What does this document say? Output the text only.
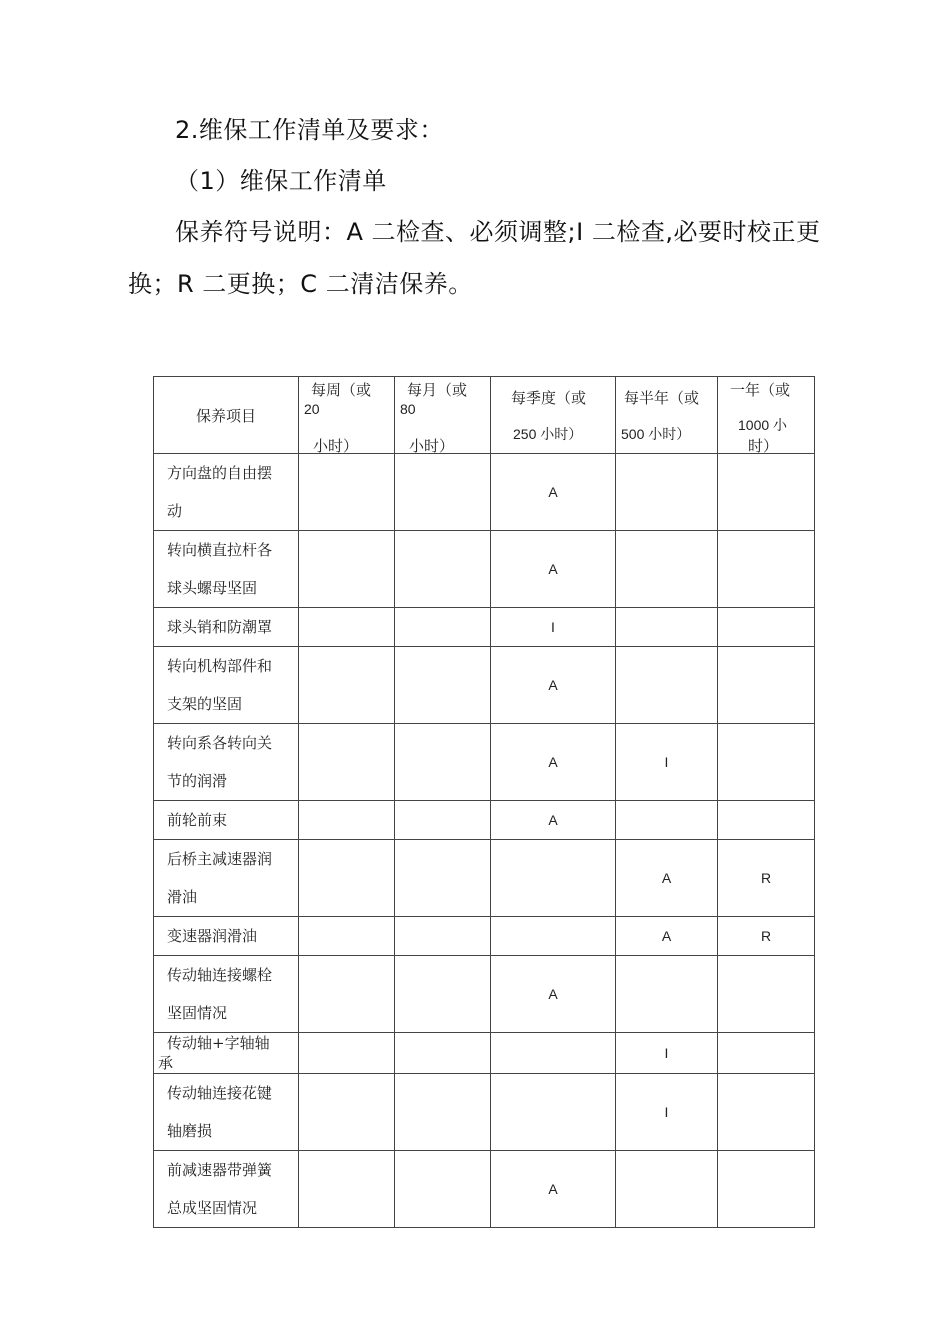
2.维保工作清单及要求：
（1）维保工作清单
保养符号说明：A 二检查、必须调整;I 二检查,必要时校正更
换；R 二更换；C 二清洁保养。
保养项目	每周（或
20
小时）	每月（或
80
小时）	每季度（或
250 小时）	每半年（或
500 小时）	一年（或
1000 小
时）

方向盘的自由摆
动			A		
转向横直拉杆各
球头螺母坚固			A		
球头销和防潮罩			I		
转向机构部件和
支架的坚固			A		
转向系各转向关
节的润滑			A	I	
前轮前束			A		
后桥主减速器润
滑油				A	R
变速器润滑油				A	R
传动轴连接螺栓
坚固情况			A		
传动轴+字轴轴
承				I	
传动轴连接花键
轴磨损				I	
前减速器带弹簧
总成坚固情况			A		
